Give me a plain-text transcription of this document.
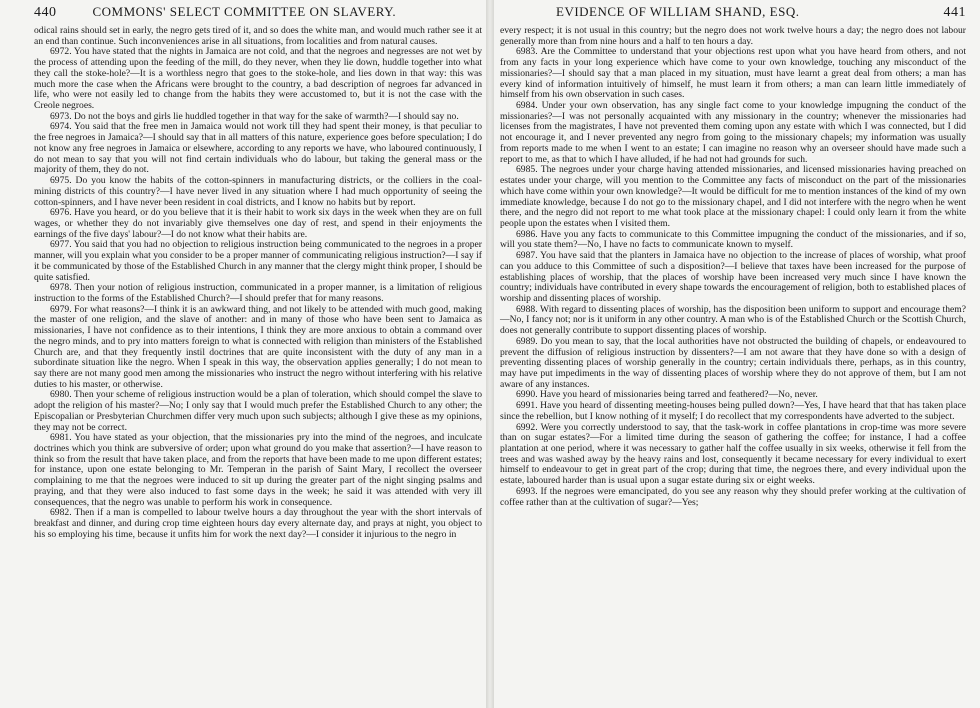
440	COMMONS' SELECT COMMITTEE ON SLAVERY.

odical rains should set in early, the negro gets tired of it, and so does the white man, and would much rather see it at an end than continue. Such inconveniences arise in all situations, from localities and from natural causes.

6972. You have stated that the nights in Jamaica are not cold, and that the negroes and negresses are not wet by the process of attending upon the feeding of the mill, do they never, when they lie down, huddle together into what they call the stoke-hole?—It is a worthless negro that goes to the stoke-hole, and lies down in that way: this was much more the case when the Africans were brought to the country, a bad description of negroes far advanced in life, who were not easily led to change from the habits they were accustomed to, but it is not the case with the Creole negroes.

6973. Do not the boys and girls lie huddled together in that way for the sake of warmth?—I should say no.

6974. You said that the free men in Jamaica would not work till they had spent their money, is that peculiar to the free negroes in Jamaica?—I should say that in all matters of this nature, experience goes before speculation; I do not know any free negroes in Jamaica or elsewhere, according to any reports we have, who laboured continuously, I do not mean to say that you will not find certain individuals who do labour, but taking the general mass or the majority of them, they do not.

6975. Do you know the habits of the cotton-spinners in manufacturing districts, or the colliers in the coal-mining districts of this country?—I have never lived in any situation where I had much opportunity of seeing the cotton-spinners, and I have never been resident in coal districts, and I know no habits but by report.

6976. Have you heard, or do you believe that it is their habit to work six days in the week when they are on full wages, or whether they do not invariably give themselves one day of rest, and spend in their enjoyments the earnings of the five days' labour?—I do not know what their habits are.

6977. You said that you had no objection to religious instruction being communicated to the negroes in a proper manner, will you explain what you consider to be a proper manner of communicating religious instruction?—I say if it be communicated by those of the Established Church in any manner that the clergy might think proper, I should be quite satisfied.

6978. Then your notion of religious instruction, communicated in a proper manner, is a limitation of religious instruction to the forms of the Established Church?—I should prefer that for many reasons.

6979. For what reasons?—I think it is an awkward thing, and not likely to be attended with much good, making the master of one religion, and the slave of another: and in many of those who have been sent to Jamaica as missionaries, I have not confidence as to their intentions, I think they are more anxious to obtain a command over the negro minds, and to pry into matters foreign to what is connected with religion than ministers of the Established Church are, and that they frequently instil doctrines that are quite inconsistent with the duty of any man in a subordinate situation like the negro. When I speak in this way, the observation applies generally; I do not mean to say there are not many good men among the missionaries who instruct the negro without interfering with his relative duties to his master, or otherwise.

6980. Then your scheme of religious instruction would be a plan of toleration, which should compel the slave to adopt the religion of his master?—No; I only say that I would much prefer the Established Church to any other; the Episcopalian or Presbyterian Churchmen differ very much upon such subjects; although I give these as my opinions, they may not be correct.

6981. You have stated as your objection, that the missionaries pry into the mind of the negroes, and inculcate doctrines which you think are subversive of order; upon what ground do you make that assertion?—I have reason to think so from the result that have taken place, and from the reports that have been made to me upon different estates; for instance, upon one estate belonging to Mr. Temperan in the parish of Saint Mary, I recollect the overseer complaining to me that the negroes were induced to sit up during the greater part of the night singing psalms and praying, and that they were also induced to fast some days in the week; he said it was attended with very ill consequences, that the negro was unable to perform his work in consequence.

6982. Then if a man is compelled to labour twelve hours a day throughout the year with the short intervals of breakfast and dinner, and during crop time eighteen hours day every alternate day, and prays at night, you object to his so employing his time, because it unfits him for work the next day?—I consider it injurious to the negro in

EVIDENCE OF WILLIAM SHAND, ESQ.	441

every respect; it is not usual in this country; but the negro does not work twelve hours a day; the negro does not labour generally more than from nine hours and a half to ten hours a day.

6983. Are the Committee to understand that your objections rest upon what you have heard from others, and not from any facts in your long experience which have come to your own knowledge, touching any misconduct of the missionaries?—I should say that a man placed in my situation, must have learnt a great deal from others; a man has every kind of information intuitively of himself, he must learn it from others; a man can learn little immediately of himself from his own observation in such cases.

6984. Under your own observation, has any single fact come to your knowledge impugning the conduct of the missionaries?—I was not personally acquainted with any missionary in the country; whenever the missionaries had licenses from the magistrates, I have not prevented them coming upon any estate with which I was connected, but I did not encourage it, and I never prevented any negro from going to the missionary chapels; my information was usually from reports made to me when I went to an estate; I can imagine no reason why an overseer should have made such a report to me, as that to which I have alluded, if he had not had grounds for such.

6985. The negroes under your charge having attended missionaries, and licensed missionaries having preached on estates under your charge, will you mention to the Committee any facts of misconduct on the part of the missionaries which have come within your own knowledge?—It would be difficult for me to mention instances of the kind of my own immediate knowledge, because I do not go to the missionary chapel, and I did not interfere with the negro when he went there, and the negro did not report to me what took place at the missionary chapel: I could only learn it from the white people upon the estates when I visited them.

6986. Have you any facts to communicate to this Committee impugning the conduct of the missionaries, and if so, will you state them?—No, I have no facts to communicate known to myself.

6987. You have said that the planters in Jamaica have no objection to the increase of places of worship, what proof can you adduce to this Committee of such a disposition?—I believe that taxes have been increased for the purpose of establishing places of worship, that the places of worship have been increased very much since I have known the country; individuals have contributed in every shape towards the encouragement of religion, both to established places of worship and dissenting places of worship.

6988. With regard to dissenting places of worship, has the disposition been uniform to support and encourage them?—No, I fancy not; nor is it uniform in any other country. A man who is of the Established Church or the Scottish Church, does not generally contribute to support dissenting places of worship.

6989. Do you mean to say, that the local authorities have not obstructed the building of chapels, or endeavoured to prevent the diffusion of religious instruction by dissenters?—I am not aware that they have done so with a design of preventing dissenting places of worship generally in the country; certain individuals there, perhaps, as in this country, may have put impediments in the way of dissenting places of worship where they do not approve of them, but I am not aware of any instances.

6990. Have you heard of missionaries being tarred and feathered?—No, never.

6991. Have you heard of dissenting meeting-houses being pulled down?—Yes, I have heard that that has taken place since the rebellion, but I know nothing of it myself; I do recollect that my correspondents have adverted to the subject.

6992. Were you correctly understood to say, that the task-work in coffee plantations in crop-time was more severe than on sugar estates?—For a limited time during the season of gathering the coffee; for instance, I had a coffee plantation at one period, where it was necessary to gather half the coffee usually in six weeks, otherwise it fell from the trees and was washed away by the heavy rains and lost, consequently it became necessary for every individual to exert himself to endeavour to get in great part of the crop; during that time, the negroes there, and every individual upon the estate, laboured harder than is usual upon a sugar estate during six or eight weeks.

6993. If the negroes were emancipated, do you see any reason why they should prefer working at the cultivation of coffee rather than at the cultivation of sugar?—Yes;
